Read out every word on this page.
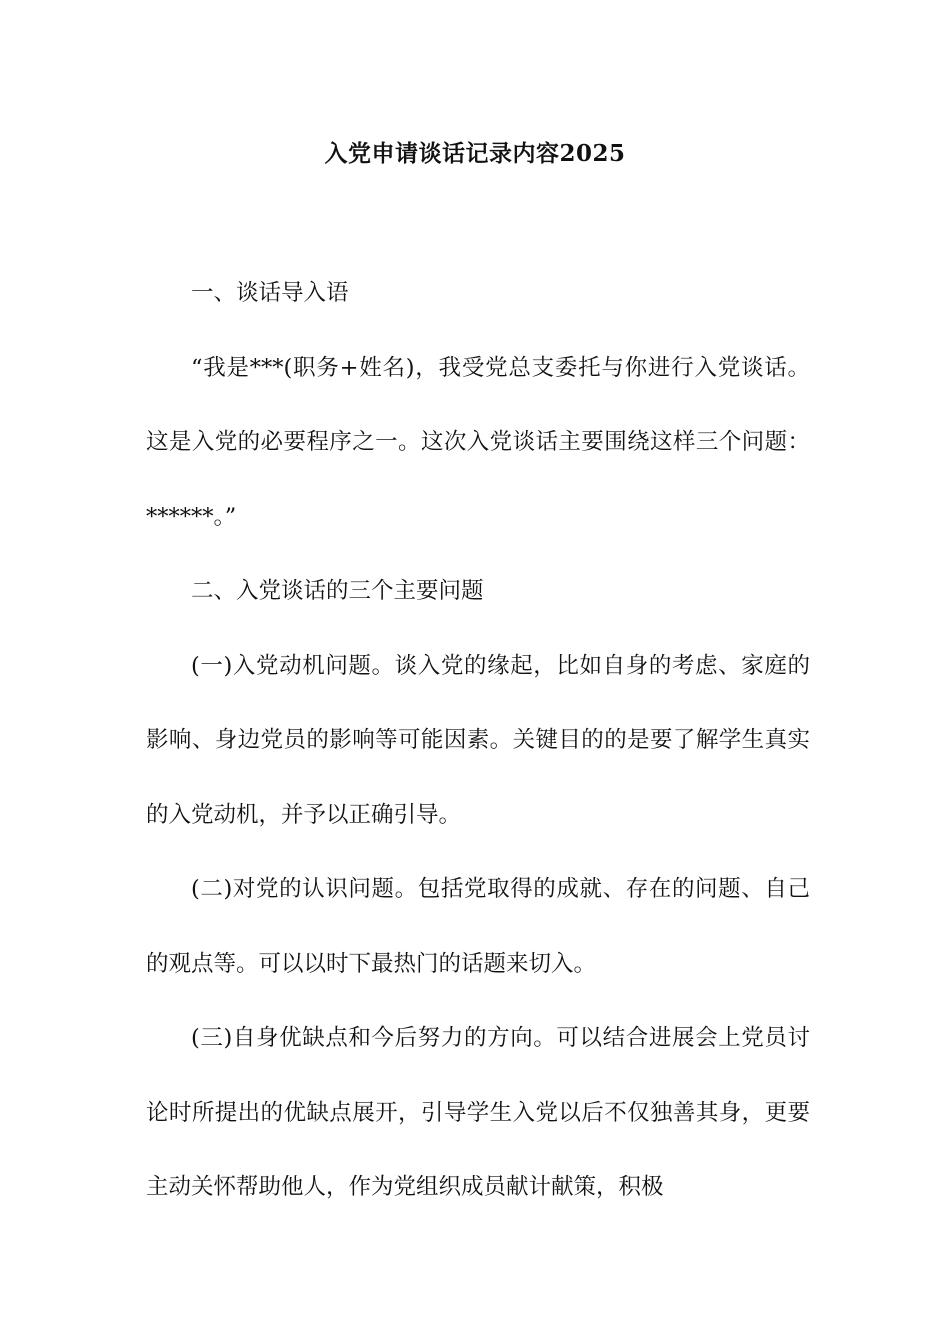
入党申请谈话记录内容2025

一、谈话导入语

“我是***(职务+姓名)，我受党总支委托与你进行入党谈话。这是入党的必要程序之一。这次入党谈话主要围绕这样三个问题：******。”

二、入党谈话的三个主要问题

(一)入党动机问题。谈入党的缘起，比如自身的考虑、家庭的影响、身边党员的影响等可能因素。关键目的的是要了解学生真实的入党动机，并予以正确引导。

(二)对党的认识问题。包括党取得的成就、存在的问题、自己的观点等。可以以时下最热门的话题来切入。

(三)自身优缺点和今后努力的方向。可以结合进展会上党员讨论时所提出的优缺点展开，引导学生入党以后不仅独善其身，更要主动关怀帮助他人，作为党组织成员献计献策，积极
